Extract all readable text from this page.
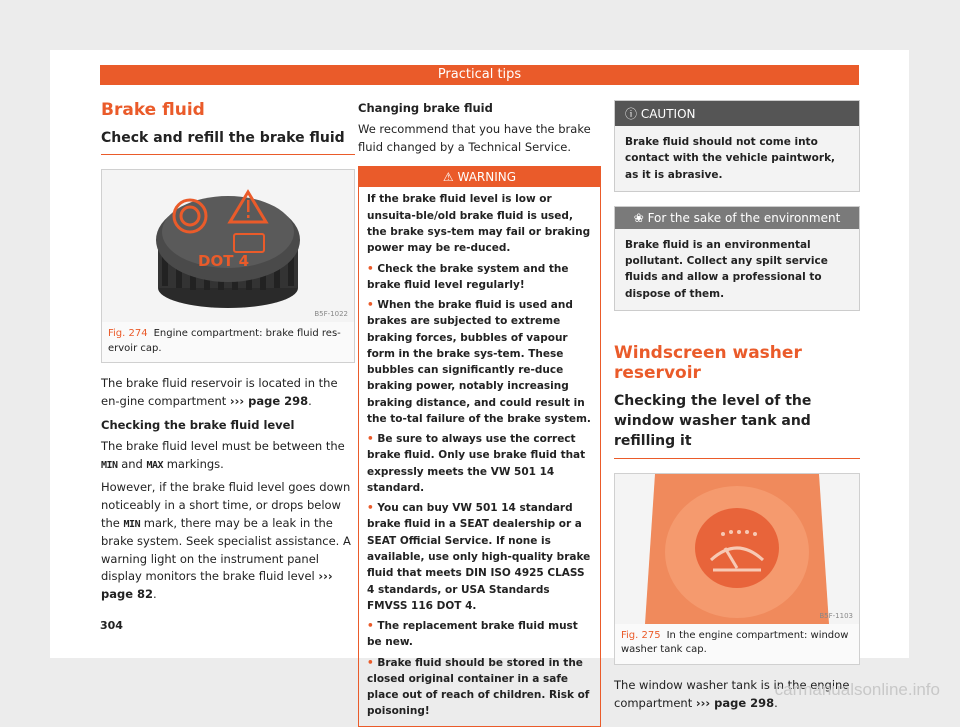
Practical tips
Brake fluid
Check and refill the brake fluid
DOT 4
B5F-1022
Fig. 274 Engine compartment: brake fluid res-ervoir cap.

The brake fluid reservoir is located in the en-gine compartment ››› page 298.

Checking the brake fluid level

The brake fluid level must be between the MIN and MAX markings.

However, if the brake fluid level goes down noticeably in a short time, or drops below the MIN mark, there may be a leak in the brake system. Seek specialist assistance. A warning light on the instrument panel display monitors the brake fluid level ››› page 82.

Changing brake fluid

We recommend that you have the brake fluid changed by a Technical Service.

⚠ WARNING
If the brake fluid level is low or unsuita-ble/old brake fluid is used, the brake sys-tem may fail or braking power may be re-duced.
• Check the brake system and the brake fluid level regularly!
• When the brake fluid is used and brakes are subjected to extreme braking forces, bubbles of vapour form in the brake sys-tem. These bubbles can significantly re-duce braking power, notably increasing braking distance, and could result in the to-tal failure of the brake system.
• Be sure to always use the correct brake fluid. Only use brake fluid that expressly meets the VW 501 14 standard.
• You can buy VW 501 14 standard brake fluid in a SEAT dealership or a SEAT Official Service. If none is available, use only high-quality brake fluid that meets DIN ISO 4925 CLASS 4 standards, or USA Standards FMVSS 116 DOT 4.
• The replacement brake fluid must be new.
• Brake fluid should be stored in the closed original container in a safe place out of reach of children. Risk of poisoning!
ⓘ CAUTION
Brake fluid should not come into contact with the vehicle paintwork, as it is abrasive.
❀ For the sake of the environment
Brake fluid is an environmental pollutant. Collect any spilt service fluids and allow a professional to dispose of them.
Windscreen washer reservoir
Checking the level of the window washer tank and refilling it
B5F-1103
Fig. 275 In the engine compartment: window washer tank cap.

The window washer tank is in the engine compartment ››› page 298.

304
carmanualsonline.info
